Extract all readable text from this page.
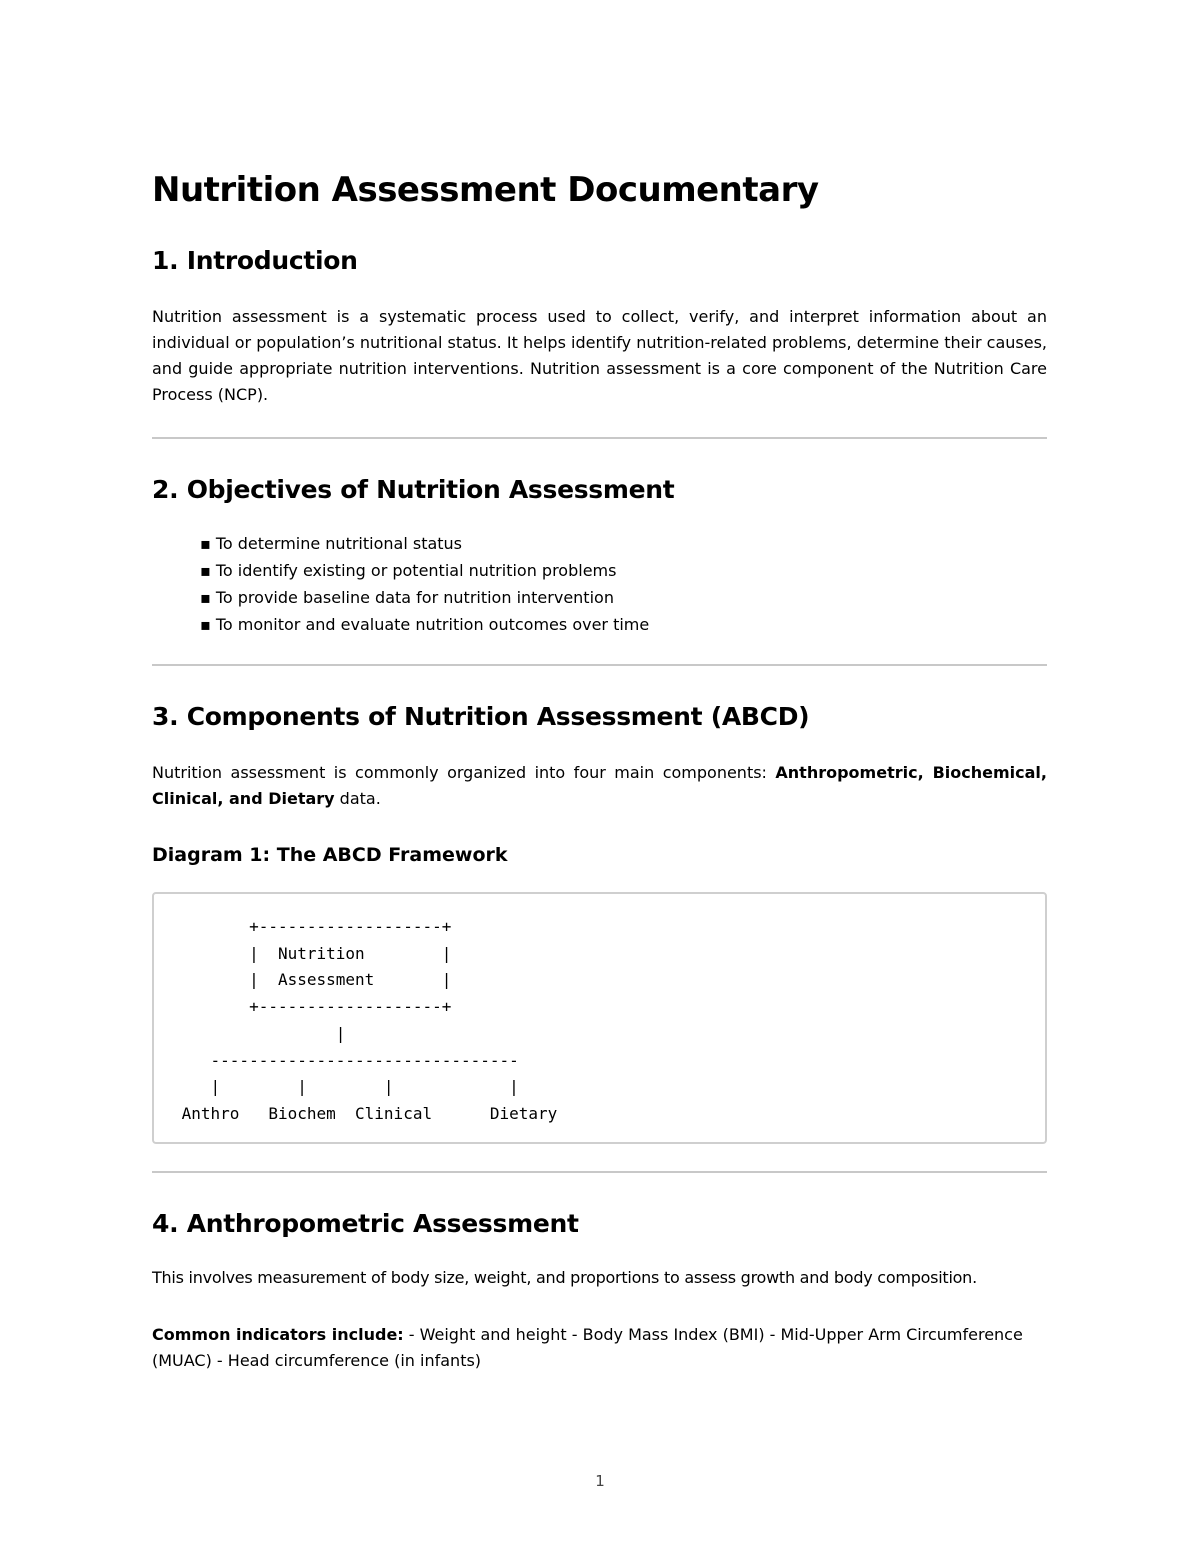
Nutrition Assessment Documentary
1. Introduction

Nutrition assessment is a systematic process used to collect, verify, and interpret information about an individual or population’s nutritional status. It helps identify nutrition-related problems, determine their causes, and guide appropriate nutrition interventions. Nutrition assessment is a core component of the Nutrition Care Process (NCP).

2. Objectives of Nutrition Assessment
▪ To determine nutritional status
▪ To identify existing or potential nutrition problems
▪ To provide baseline data for nutrition intervention
▪ To monitor and evaluate nutrition outcomes over time
3. Components of Nutrition Assessment (ABCD)

Nutrition assessment is commonly organized into four main components: Anthropometric, Biochemical, Clinical, and Dietary data.

Diagram 1: The ABCD Framework
+-------------------+
|  Nutrition        |
|  Assessment       |
+-------------------+
|
--------------------------------
|        |        |            |
Anthro   Biochem  Clinical      Dietary
4. Anthropometric Assessment

This involves measurement of body size, weight, and proportions to assess growth and body composition.

Common indicators include: - Weight and height - Body Mass Index (BMI) - Mid-Upper Arm Circumference (MUAC) - Head circumference (in infants)

1
